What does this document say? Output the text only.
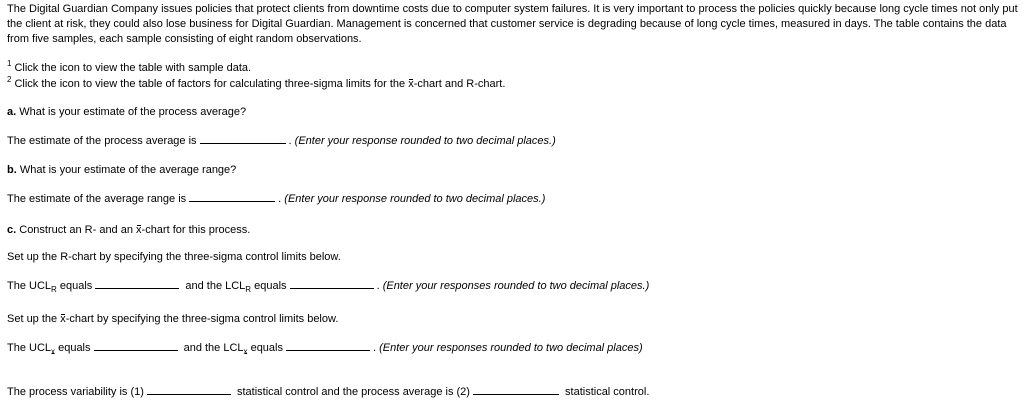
The Digital Guardian Company issues policies that protect clients from downtime costs due to computer system failures. It is very important to process the policies quickly because long cycle times not only put the client at risk, they could also lose business for Digital Guardian. Management is concerned that customer service is degrading because of long cycle times, measured in days. The table contains the data from five samples, each sample consisting of eight random observations.
$^1$ Click the icon to view the table with sample data.
$^2$ Click the icon to view the table of factors for calculating three-sigma limits for the x-chart and R-chart.
a. What is your estimate of the process average?
The estimate of the process average is	. (Enter your response rounded to two decimal places.)
b. What is your estimate of the average range?
The estimate of the average range is	. (Enter your response rounded to two decimal places.)
c. Construct an R- and an x-chart for this process.
Set up the R-chart by specifying the three-sigma control limits below.
The $UCL_R$ equals	and the $LCL_R$ equals	. (Enter your responses rounded to two decimal places.)
Set up the x-chart by specifying the three-sigma control limits below.
The UCLx equals	and the LCLx equals	. (Enter your responses rounded to two decimal places)
The process variability is (1)	statistical control and the process average is (2)	statistical control.
